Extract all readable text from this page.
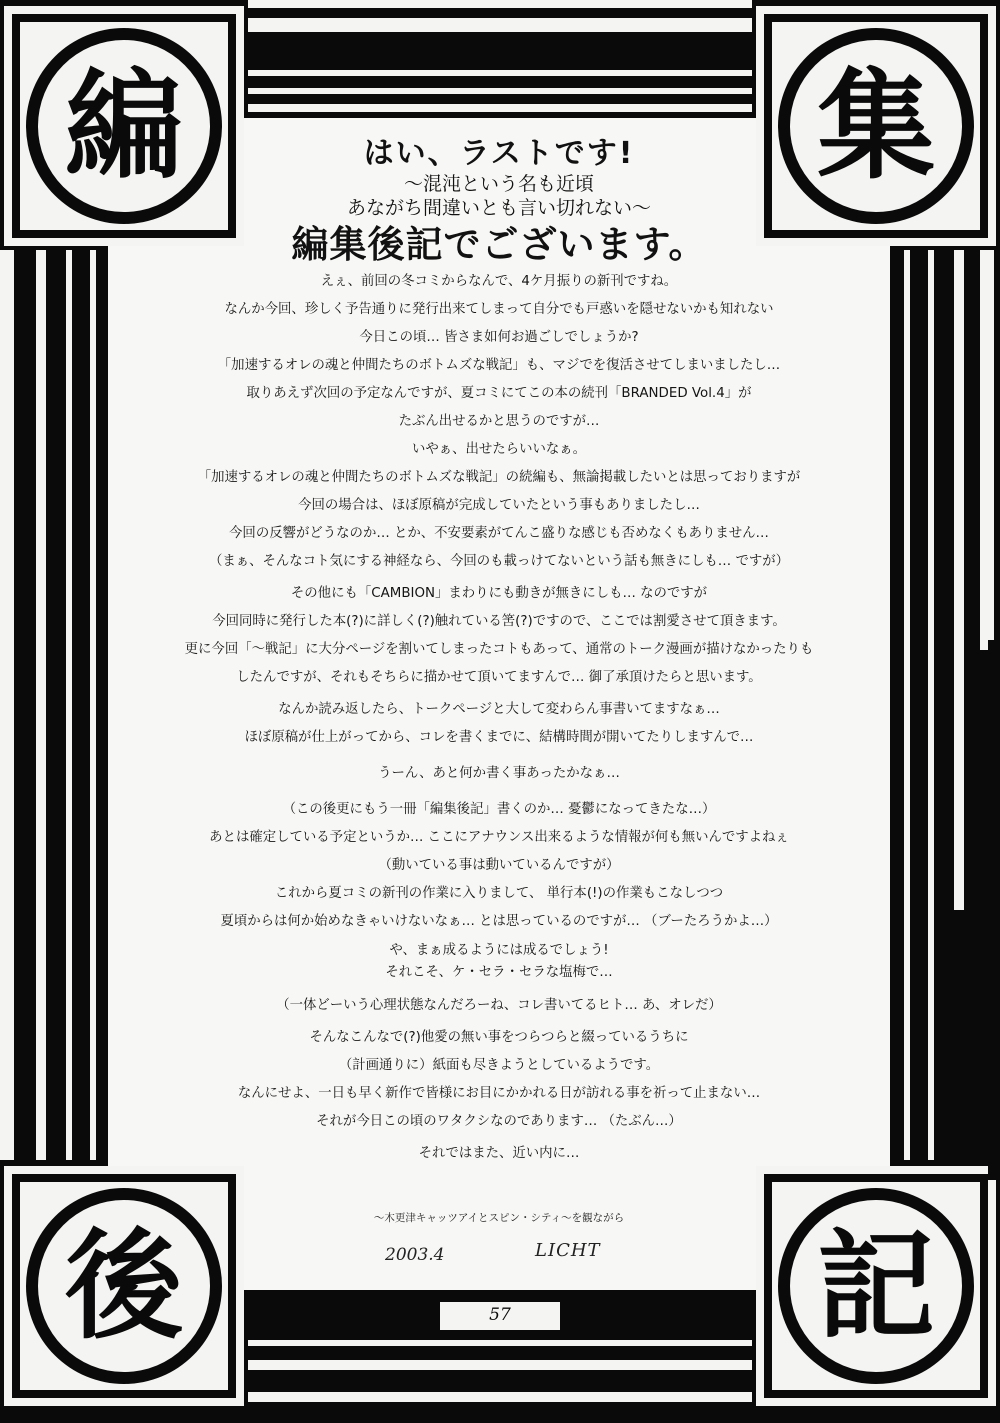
編	集
後	記
はい、ラストです!
～混沌という名も近頃
あながち間違いとも言い切れない～
編集後記でございます。
えぇ、前回の冬コミからなんで、4ケ月振りの新刊ですね。
なんか今回、珍しく予告通りに発行出来てしまって自分でも戸惑いを隠せないかも知れない
今日この頃… 皆さま如何お過ごしでしょうか?
「加速するオレの魂と仲間たちのボトムズな戦記」も、マジでを復活させてしまいましたし…
取りあえず次回の予定なんですが、夏コミにてこの本の続刊「BRANDED Vol.4」が
たぶん出せるかと思うのですが…
いやぁ、出せたらいいなぁ。
「加速するオレの魂と仲間たちのボトムズな戦記」の続編も、無論掲載したいとは思っておりますが
今回の場合は、ほぼ原稿が完成していたという事もありましたし…
今回の反響がどうなのか… とか、不安要素がてんこ盛りな感じも否めなくもありません…
（まぁ、そんなコト気にする神経なら、今回のも載っけてないという話も無きにしも… ですが）
その他にも「CAMBION」まわりにも動きが無きにしも… なのですが
今回同時に発行した本(?)に詳しく(?)触れている筈(?)ですので、ここでは割愛させて頂きます。
更に今回「～戦記」に大分ページを割いてしまったコトもあって、通常のトーク漫画が描けなかったりも
したんですが、それもそちらに描かせて頂いてますんで… 御了承頂けたらと思います。
なんか読み返したら、トークページと大して変わらん事書いてますなぁ…
ほぼ原稿が仕上がってから、コレを書くまでに、結構時間が開いてたりしますんで…
うーん、あと何か書く事あったかなぁ…
（この後更にもう一冊「編集後記」書くのか… 憂鬱になってきたな…）
あとは確定している予定というか… ここにアナウンス出来るような情報が何も無いんですよねぇ
（動いている事は動いているんですが）
これから夏コミの新刊の作業に入りまして、 単行本(!)の作業もこなしつつ
夏頃からは何か始めなきゃいけないなぁ… とは思っているのですが… （ブーたろうかよ…）
や、まぁ成るようには成るでしょう!
それこそ、ケ・セラ・セラな塩梅で…
（一体どーいう心理状態なんだろーね、コレ書いてるヒト… あ、オレだ）
そんなこんなで(?)他愛の無い事をつらつらと綴っているうちに
（計画通りに）紙面も尽きようとしているようです。
なんにせよ、一日も早く新作で皆様にお目にかかれる日が訪れる事を祈って止まない…
それが今日この頃のワタクシなのであります… （たぶん…）
それではまた、近い内に…
～木更津キャッツアイとスピン・シティ～を観ながら
2003.4	LICHT
57
